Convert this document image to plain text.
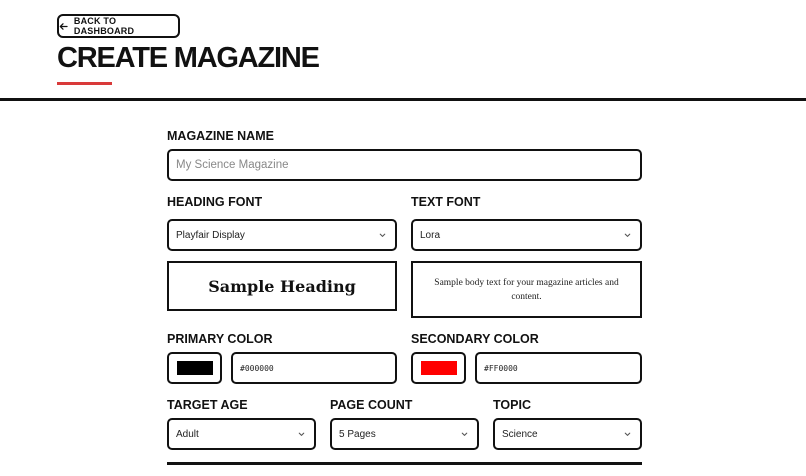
BACK TO DASHBOARD
CREATE MAGAZINE
MAGAZINE NAME
My Science Magazine
HEADING FONT
Playfair Display
TEXT FONT
Lora
Sample Heading	Sample body text for your magazine articles and content.
PRIMARY COLOR
#000000
SECONDARY COLOR
#FF0000
TARGET AGE
Adult
PAGE COUNT
5 Pages
TOPIC
Science
